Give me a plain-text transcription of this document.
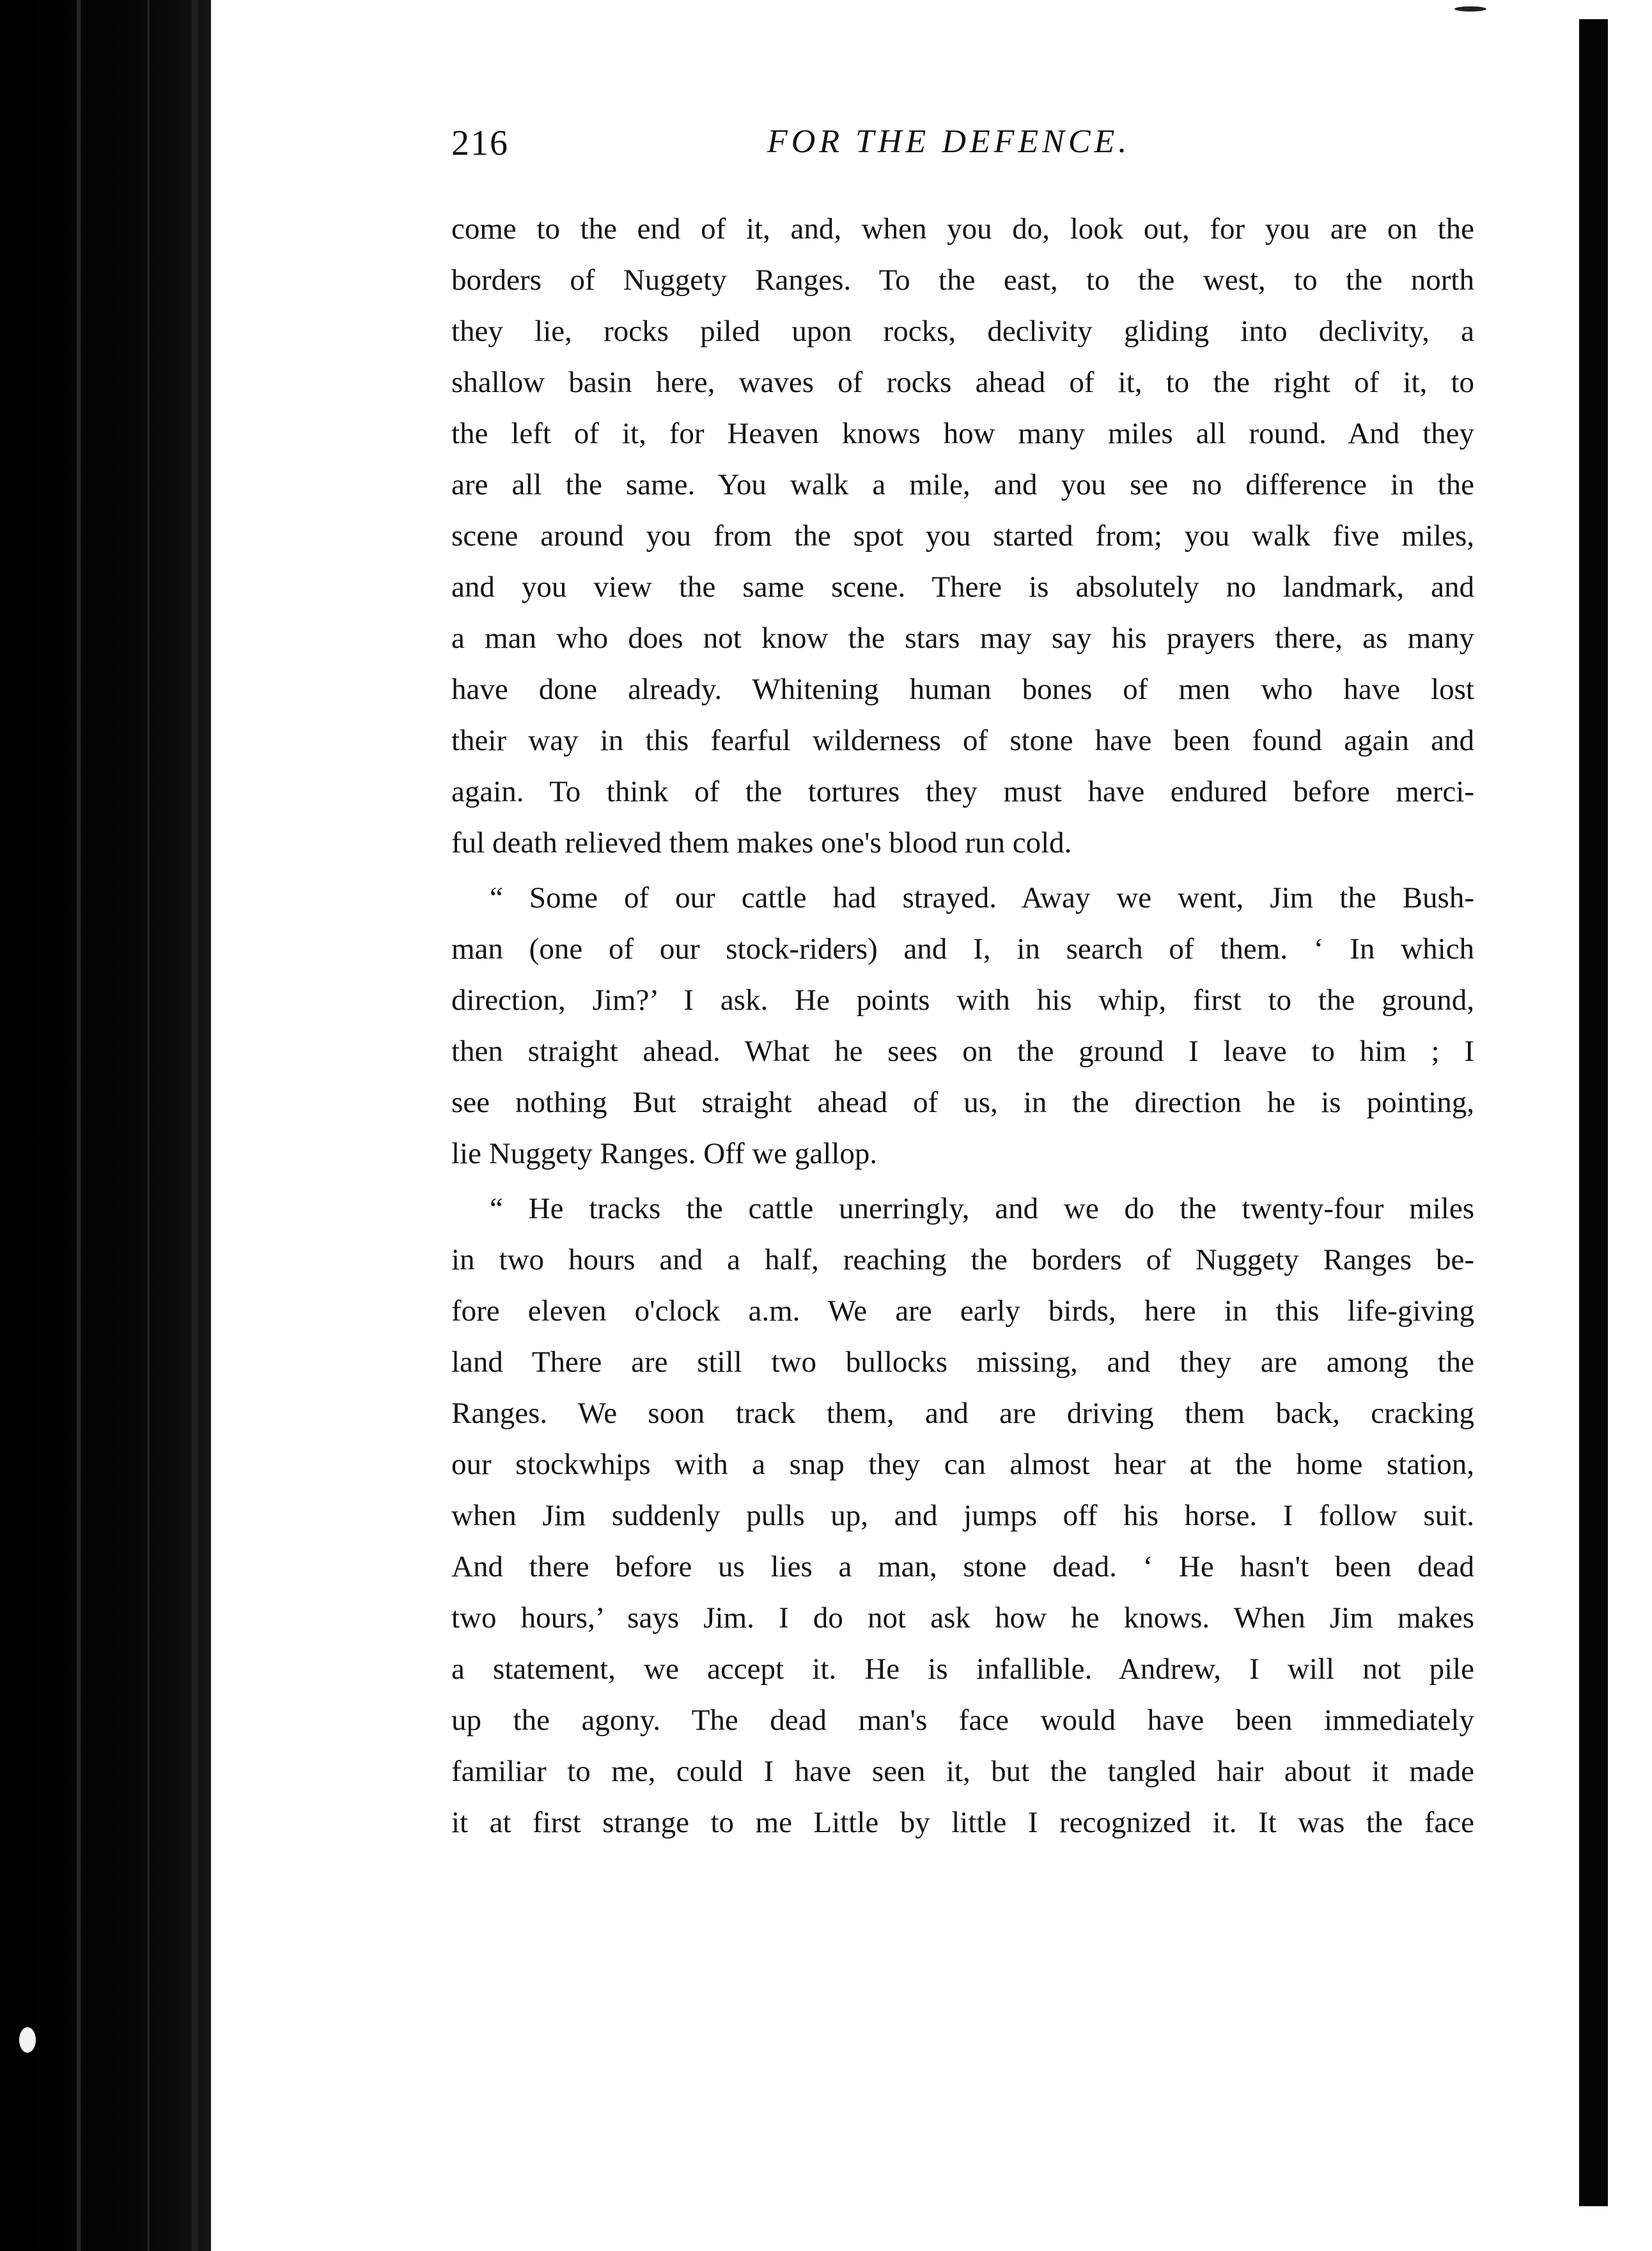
216	FOR THE DEFENCE.
come to the end of it, and, when you do, look out, for you are on the
borders of Nuggety Ranges. To the east, to the west, to the north
they lie, rocks piled upon rocks, declivity gliding into declivity, a
shallow basin here, waves of rocks ahead of it, to the right of it, to
the left of it, for Heaven knows how many miles all round. And they
are all the same. You walk a mile, and you see no difference in the
scene around you from the spot you started from; you walk five miles,
and you view the same scene. There is absolutely no landmark, and
a man who does not know the stars may say his prayers there, as many
have done already. Whitening human bones of men who have lost
their way in this fearful wilderness of stone have been found again and
again. To think of the tortures they must have endured before merci-
ful death relieved them makes one's blood run cold.
“ Some of our cattle had strayed. Away we went, Jim the Bush-
man (one of our stock-riders) and I, in search of them. ‘ In which
direction, Jim?’ I ask. He points with his whip, first to the ground,
then straight ahead. What he sees on the ground I leave to him ; I
see nothing But straight ahead of us, in the direction he is pointing,
lie Nuggety Ranges. Off we gallop.
“ He tracks the cattle unerringly, and we do the twenty-four miles
in two hours and a half, reaching the borders of Nuggety Ranges be-
fore eleven o'clock a.m. We are early birds, here in this life-giving
land There are still two bullocks missing, and they are among the
Ranges. We soon track them, and are driving them back, cracking
our stockwhips with a snap they can almost hear at the home station,
when Jim suddenly pulls up, and jumps off his horse. I follow suit.
And there before us lies a man, stone dead. ‘ He hasn't been dead
two hours,’ says Jim. I do not ask how he knows. When Jim makes
a statement, we accept it. He is infallible. Andrew, I will not pile
up the agony. The dead man's face would have been immediately
familiar to me, could I have seen it, but the tangled hair about it made
it at first strange to me Little by little I recognized it. It was the face
